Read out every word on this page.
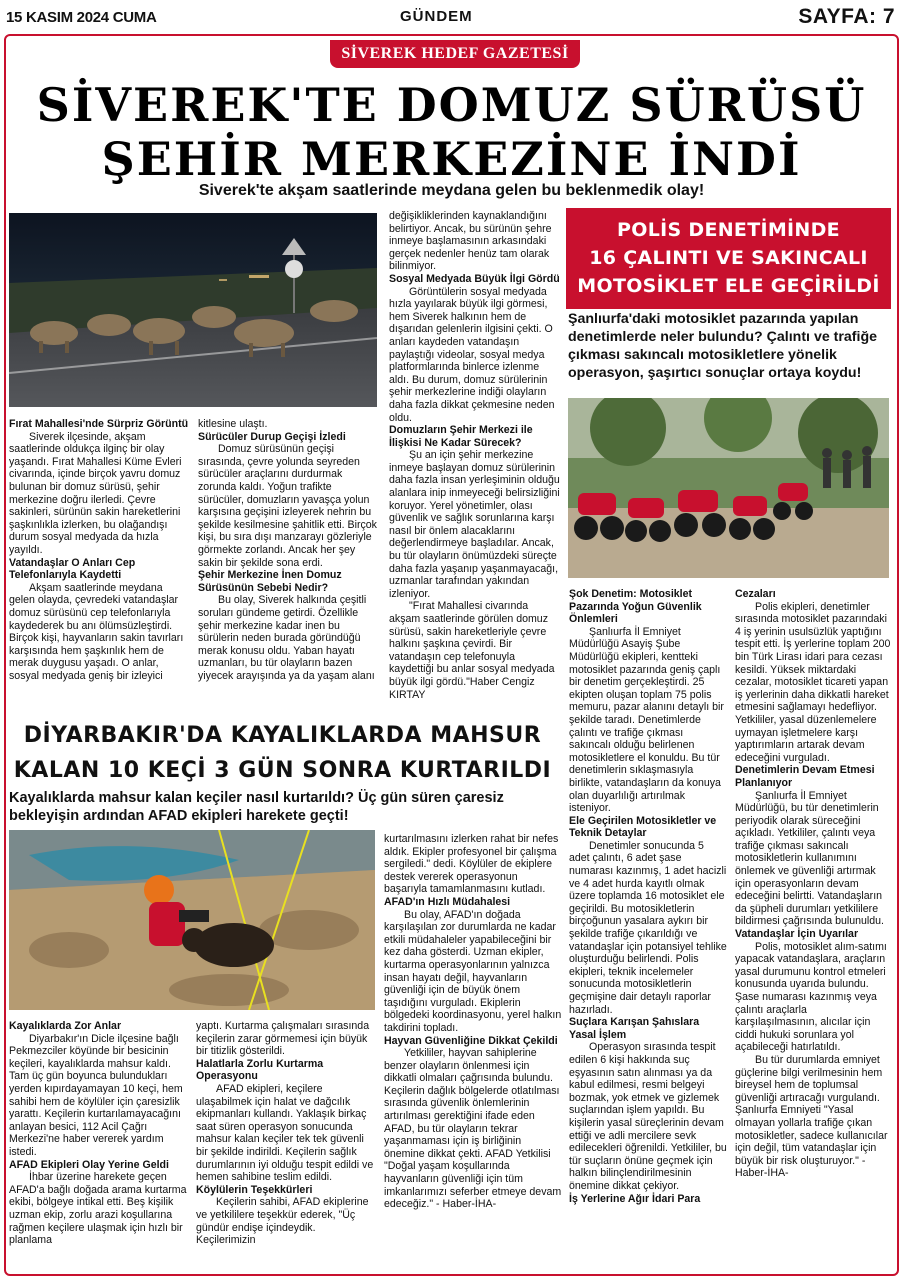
15 KASIM 2024 CUMA	GÜNDEM	SAYFA: 7
SİVEREK HEDEF GAZETESİ
SİVEREK'TE DOMUZ SÜRÜSÜ
ŞEHİR MERKEZİNE İNDİ
Siverek'te akşam saatlerinde meydana gelen bu beklenmedik olay!

Fırat Mahallesi'nde Sürpriz Görüntü

Siverek ilçesinde, akşam saatlerinde oldukça ilginç bir olay yaşandı. Fırat Mahallesi Küme Evleri civarında, içinde birçok yavru domuz bulunan bir domuz sürüsü, şehir merkezine doğru ilerledi. Çevre sakinleri, sürünün sakin hareketlerini şaşkınlıkla izlerken, bu olağandışı durum sosyal medyada da hızla yayıldı.

Vatandaşlar O Anları Cep Telefonlarıyla Kaydetti

Akşam saatlerinde meydana gelen olayda, çevredeki vatandaşlar domuz sürüsünü cep telefonlarıyla kaydederek bu anı ölümsüzleştirdi. Birçok kişi, hayvanların sakin tavırları karşısında hem şaşkınlık hem de merak duygusu yaşadı. O anlar, sosyal medyada geniş bir izleyici

kitlesine ulaştı.

Sürücüler Durup Geçişi İzledi

Domuz sürüsünün geçişi sırasında, çevre yolunda seyreden sürücüler araçlarını durdurmak zorunda kaldı. Yoğun trafikte sürücüler, domuzların yavaşça yolun karşısına geçişini izleyerek nehrin bu şekilde kesilmesine şahitlik etti. Birçok kişi, bu sıra dışı manzarayı gözleriyle görmekte zorlandı. Ancak her şey sakin bir şekilde sona erdi.

Şehir Merkezine İnen Domuz Sürüsünün Sebebi Nedir?

Bu olay, Siverek halkında çeşitli soruları gündeme getirdi. Özellikle şehir merkezine kadar inen bu sürülerin neden burada göründüğü merak konusu oldu. Yaban hayatı uzmanları, bu tür olayların bazen yiyecek arayışında ya da yaşam alanı

değişikliklerinden kaynaklandığını belirtiyor. Ancak, bu sürünün şehre inmeye başlamasının arkasındaki gerçek nedenler henüz tam olarak bilinmiyor.

Sosyal Medyada Büyük İlgi Gördü

Görüntülerin sosyal medyada hızla yayılarak büyük ilgi görmesi, hem Siverek halkının hem de dışarıdan gelenlerin ilgisini çekti. O anları kaydeden vatandaşın paylaştığı videolar, sosyal medya platformlarında binlerce izlenme aldı. Bu durum, domuz sürülerinin şehir merkezlerine indiği olayların daha fazla dikkat çekmesine neden oldu.

Domuzların Şehir Merkezi ile İlişkisi Ne Kadar Sürecek?

Şu an için şehir merkezine inmeye başlayan domuz sürülerinin daha fazla insan yerleşiminin olduğu alanlara inip inmeyeceği belirsizliğini koruyor. Yerel yönetimler, olası güvenlik ve sağlık sorunlarına karşı nasıl bir önlem alacaklarını değerlendirmeye başladılar. Ancak, bu tür olayların önümüzdeki süreçte daha fazla yaşanıp yaşanmayacağı, uzmanlar tarafından yakından izleniyor.

"Fırat Mahallesi civarında akşam saatlerinde görülen domuz sürüsü, sakin hareketleriyle çevre halkını şaşkına çevirdi. Bir vatandaşın cep telefonuyla kaydettiği bu anlar sosyal medyada büyük ilgi gördü."Haber Cengiz KIRTAY

POLİS DENETİMİNDE
16 ÇALINTI VE SAKINCALI
MOTOSİKLET ELE GEÇİRİLDİ
Şanlıurfa'daki motosiklet pazarında yapılan denetimlerde neler bulundu? Çalıntı ve trafiğe çıkması sakıncalı motosikletlere yönelik operasyon, şaşırtıcı sonuçlar ortaya koydu!

Şok Denetim: Motosiklet Pazarında Yoğun Güvenlik Önlemleri

Şanlıurfa İl Emniyet Müdürlüğü Asayiş Şube Müdürlüğü ekipleri, kentteki motosiklet pazarında geniş çaplı bir denetim gerçekleştirdi. 25 ekipten oluşan toplam 75 polis memuru, pazar alanını detaylı bir şekilde taradı. Denetimlerde çalıntı ve trafiğe çıkması sakıncalı olduğu belirlenen motosikletlere el konuldu. Bu tür denetimlerin sıklaşmasıyla birlikte, vatandaşların da konuya olan duyarlılığı artırılmak isteniyor.

Ele Geçirilen Motosikletler ve Teknik Detaylar

Denetimler sonucunda 5 adet çalıntı, 6 adet şase numarası kazınmış, 1 adet hacizli ve 4 adet hurda kayıtlı olmak üzere toplamda 16 motosiklet ele geçirildi. Bu motosikletlerin birçoğunun yasalara aykırı bir şekilde trafiğe çıkarıldığı ve vatandaşlar için potansiyel tehlike oluşturduğu belirlendi. Polis ekipleri, teknik incelemeler sonucunda motosikletlerin geçmişine dair detaylı raporlar hazırladı.

Suçlara Karışan Şahıslara Yasal İşlem

Operasyon sırasında tespit edilen 6 kişi hakkında suç eşyasının satın alınması ya da kabul edilmesi, resmi belgeyi bozmak, yok etmek ve gizlemek suçlarından işlem yapıldı. Bu kişilerin yasal süreçlerinin devam ettiği ve adli mercilere sevk edilecekleri öğrenildi. Yetkililer, bu tür suçların önüne geçmek için halkın bilinçlendirilmesinin önemine dikkat çekiyor.

İş Yerlerine Ağır İdari Para

Cezaları

Polis ekipleri, denetimler sırasında motosiklet pazarındaki 4 iş yerinin usulsüzlük yaptığını tespit etti. İş yerlerine toplam 200 bin Türk Lirası idari para cezası kesildi. Yüksek miktardaki cezalar, motosiklet ticareti yapan iş yerlerinin daha dikkatli hareket etmesini sağlamayı hedefliyor. Yetkililer, yasal düzenlemelere uymayan işletmelere karşı yaptırımların artarak devam edeceğini vurguladı.

Denetimlerin Devam Etmesi Planlanıyor

Şanlıurfa İl Emniyet Müdürlüğü, bu tür denetimlerin periyodik olarak süreceğini açıkladı. Yetkililer, çalıntı veya trafiğe çıkması sakıncalı motosikletlerin kullanımını önlemek ve güvenliği artırmak için operasyonların devam edeceğini belirtti. Vatandaşların da şüpheli durumları yetkililere bildirmesi çağrısında bulunuldu.

Vatandaşlar İçin Uyarılar

Polis, motosiklet alım-satımı yapacak vatandaşlara, araçların yasal durumunu kontrol etmeleri konusunda uyarıda bulundu. Şase numarası kazınmış veya çalıntı araçlarla karşılaşılmasının, alıcılar için ciddi hukuki sorunlara yol açabileceği hatırlatıldı.

Bu tür durumlarda emniyet güçlerine bilgi verilmesinin hem bireysel hem de toplumsal güvenliği artıracağı vurgulandı. Şanlıurfa Emniyeti "Yasal olmayan yollarla trafiğe çıkan motosikletler, sadece kullanıcılar için değil, tüm vatandaşlar için büyük bir risk oluşturuyor." - Haber-İHA-

DİYARBAKIR'DA KAYALIKLARDA MAHSUR
KALAN 10 KEÇİ 3 GÜN SONRA KURTARILDI
Kayalıklarda mahsur kalan keçiler nasıl kurtarıldı? Üç gün süren çaresiz bekleyişin ardından AFAD ekipleri harekete geçti!

Kayalıklarda Zor Anlar

Diyarbakır'ın Dicle ilçesine bağlı Pekmezciler köyünde bir besicinin keçileri, kayalıklarda mahsur kaldı. Tam üç gün boyunca bulundukları yerden kıpırdayamayan 10 keçi, hem sahibi hem de köylüler için çaresizlik yarattı. Keçilerin kurtarılamayacağını anlayan besici, 112 Acil Çağrı Merkezi'ne haber vererek yardım istedi.

AFAD Ekipleri Olay Yerine Geldi

İhbar üzerine harekete geçen AFAD'a bağlı doğada arama kurtarma ekibi, bölgeye intikal etti. Beş kişilik uzman ekip, zorlu arazi koşullarına rağmen keçilere ulaşmak için hızlı bir planlama

yaptı. Kurtarma çalışmaları sırasında keçilerin zarar görmemesi için büyük bir titizlik gösterildi.

Halatlarla Zorlu Kurtarma Operasyonu

AFAD ekipleri, keçilere ulaşabilmek için halat ve dağcılık ekipmanları kullandı. Yaklaşık birkaç saat süren operasyon sonucunda mahsur kalan keçiler tek tek güvenli bir şekilde indirildi. Keçilerin sağlık durumlarının iyi olduğu tespit edildi ve hemen sahibine teslim edildi.

Köylülerin Teşekkürleri

Keçilerin sahibi, AFAD ekiplerine ve yetkililere teşekkür ederek, "Üç gündür endişe içindeydik. Keçilerimizin

kurtarılmasını izlerken rahat bir nefes aldık. Ekipler profesyonel bir çalışma sergiledi." dedi. Köylüler de ekiplere destek vererek operasyonun başarıyla tamamlanmasını kutladı.

AFAD'ın Hızlı Müdahalesi

Bu olay, AFAD'ın doğada karşılaşılan zor durumlarda ne kadar etkili müdahaleler yapabileceğini bir kez daha gösterdi. Uzman ekipler, kurtarma operasyonlarının yalnızca insan hayatı değil, hayvanların güvenliği için de büyük önem taşıdığını vurguladı. Ekiplerin bölgedeki koordinasyonu, yerel halkın takdirini topladı.

Hayvan Güvenliğine Dikkat Çekildi

Yetkililer, hayvan sahiplerine benzer olayların önlenmesi için dikkatli olmaları çağrısında bulundu. Keçilerin dağlık bölgelerde otlatılması sırasında güvenlik önlemlerinin artırılması gerektiğini ifade eden AFAD, bu tür olayların tekrar yaşanmaması için iş birliğinin önemine dikkat çekti. AFAD Yetkilisi "Doğal yaşam koşullarında hayvanların güvenliği için tüm imkanlarımızı seferber etmeye devam edeceğiz." - Haber-İHA-
